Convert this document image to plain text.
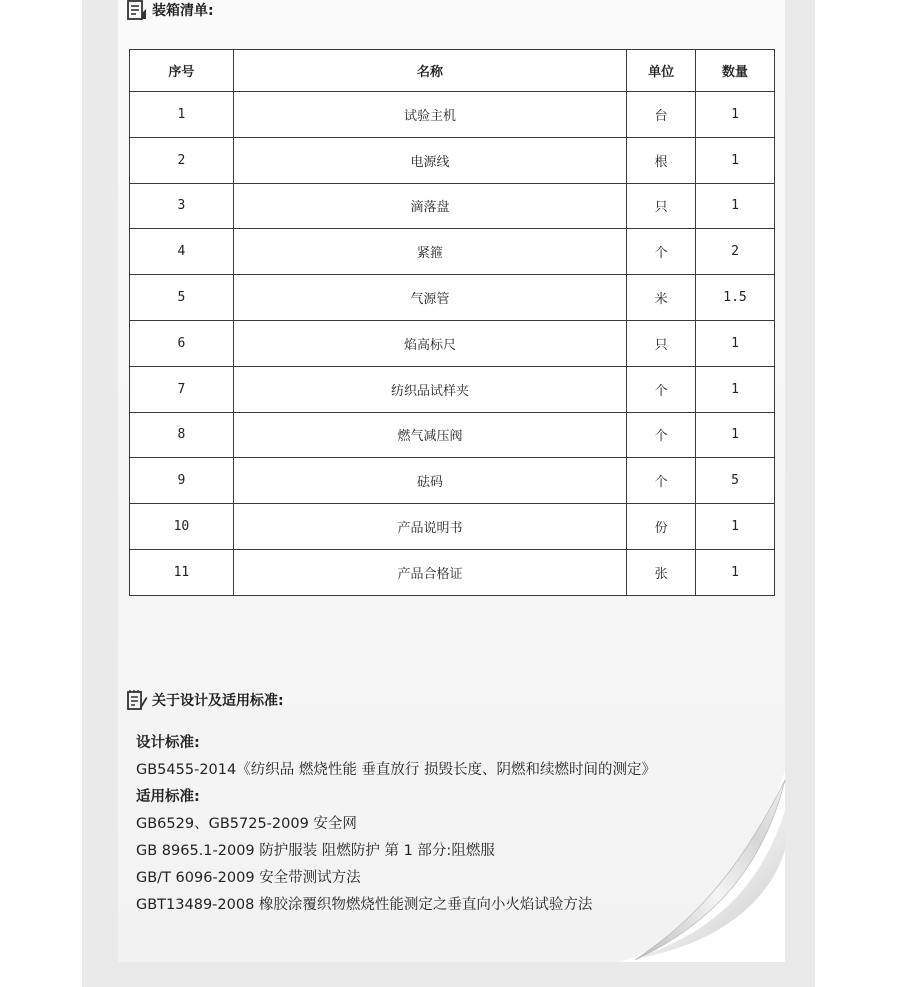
装箱清单:
序号	名称	单位	数量
1	试验主机	台	1
2	电源线	根	1
3	滴落盘	只	1
4	紧箍	个	2
5	气源管	米	1.5
6	焰高标尺	只	1
7	纺织品试样夹	个	1
8	燃气减压阀	个	1
9	砝码	个	5
10	产品说明书	份	1
11	产品合格证	张	1
关于设计及适用标准:
设计标准:
GB5455-2014《纺织品 燃烧性能 垂直放行 损毁长度、阴燃和续燃时间的测定》
适用标准:
GB6529、GB5725-2009 安全网
GB 8965.1-2009 防护服装 阻燃防护 第 1 部分:阻燃服
GB/T 6096-2009 安全带测试方法
GBT13489-2008 橡胶涂覆织物燃烧性能测定之垂直向小火焰试验方法
